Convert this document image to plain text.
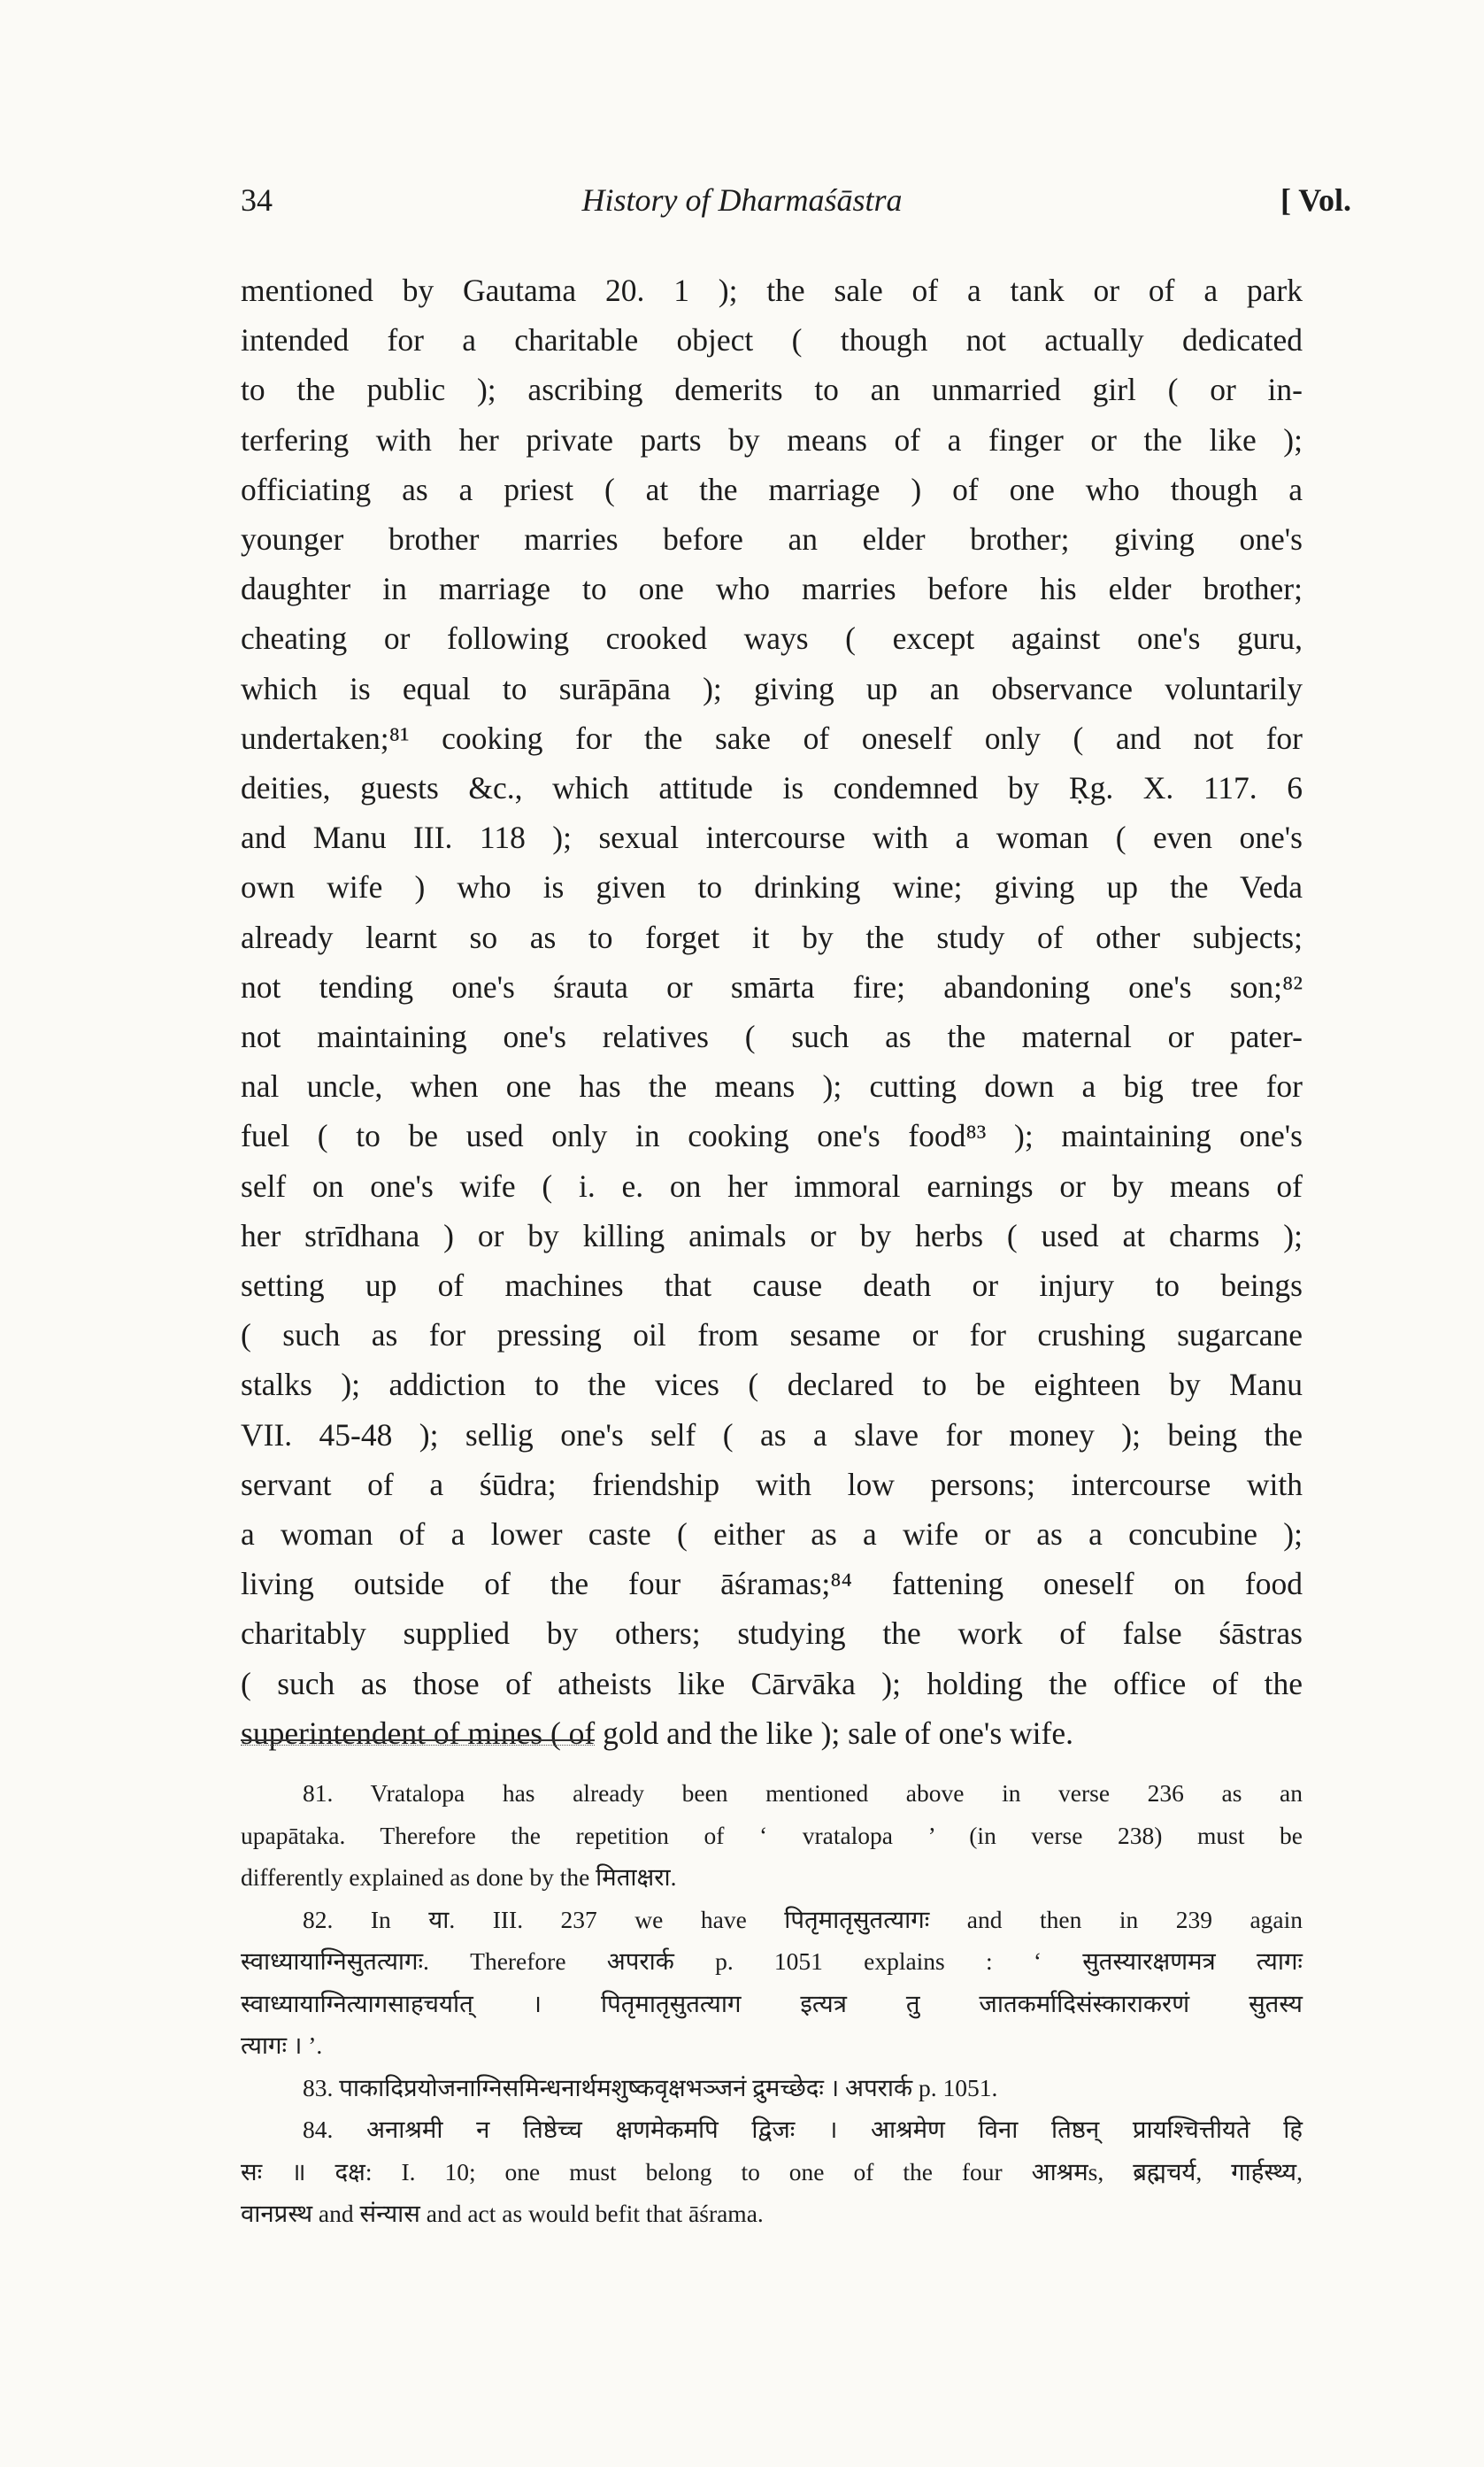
34	History of Dharmaśāstra	[ Vol.
mentioned by Gautama 20. 1 ); the sale of a tank or of a park
intended for a charitable object ( though not actually dedicated
to the public ); ascribing demerits to an unmarried girl ( or in-
terfering with her private parts by means of a finger or the like );
officiating as a priest ( at the marriage ) of one who though a
younger brother marries before an elder brother; giving one's
daughter in marriage to one who marries before his elder brother;
cheating or following crooked ways ( except against one's guru,
which is equal to surāpāna ); giving up an observance voluntarily
undertaken;⁸¹ cooking for the sake of oneself only ( and not for
deities, guests &c., which attitude is condemned by Ṛg. X. 117. 6
and Manu III. 118 ); sexual intercourse with a woman ( even one's
own wife ) who is given to drinking wine; giving up the Veda
already learnt so as to forget it by the study of other subjects;
not tending one's śrauta or smārta fire; abandoning one's son;⁸²
not maintaining one's relatives ( such as the maternal or pater-
nal uncle, when one has the means ); cutting down a big tree for
fuel ( to be used only in cooking one's food⁸³ ); maintaining one's
self on one's wife ( i. e. on her immoral earnings or by means of
her strīdhana ) or by killing animals or by herbs ( used at charms );
setting up of machines that cause death or injury to beings
( such as for pressing oil from sesame or for crushing sugarcane
stalks ); addiction to the vices ( declared to be eighteen by Manu
VII. 45-48 ); sellig one's self ( as a slave for money ); being the
servant of a śūdra; friendship with low persons; intercourse with
a woman of a lower caste ( either as a wife or as a concubine );
living outside of the four āśramas;⁸⁴ fattening oneself on food
charitably supplied by others; studying the work of false śāstras
( such as those of atheists like Cārvāka ); holding the office of the
superintendent of mines ( of gold and the like ); sale of one's wife.
81. Vratalopa has already been mentioned above in verse 236 as an
upapātaka. Therefore the repetition of ‘ vratalopa ’ (in verse 238) must be
differently explained as done by the मिताक्षरा.
82. In या. III. 237 we have पितृमातृसुतत्यागः and then in 239 again
स्वाध्यायाग्निसुतत्यागः. Therefore अपरार्क p. 1051 explains : ‘ सुतस्यारक्षणमत्र त्यागः
स्वाध्यायाग्नित्यागसाहचर्यात् । पितृमातृसुतत्याग इत्यत्र तु जातकर्मादिसंस्काराकरणं सुतस्य
त्यागः । ’.
83. पाकादिप्रयोजनाग्निसमिन्धनार्थमशुष्कवृक्षभञ्जनं द्रुमच्छेदः । अपरार्क p. 1051.
84. अनाश्रमी न तिष्ठेच्च क्षणमेकमपि द्विजः । आश्रमेण विना तिष्ठन् प्रायश्चित्तीयते हि
सः ॥ दक्ष: I. 10; one must belong to one of the four आश्रमs, ब्रह्मचर्य, गार्हस्थ्य,
वानप्रस्थ and संन्यास and act as would befit that āśrama.
